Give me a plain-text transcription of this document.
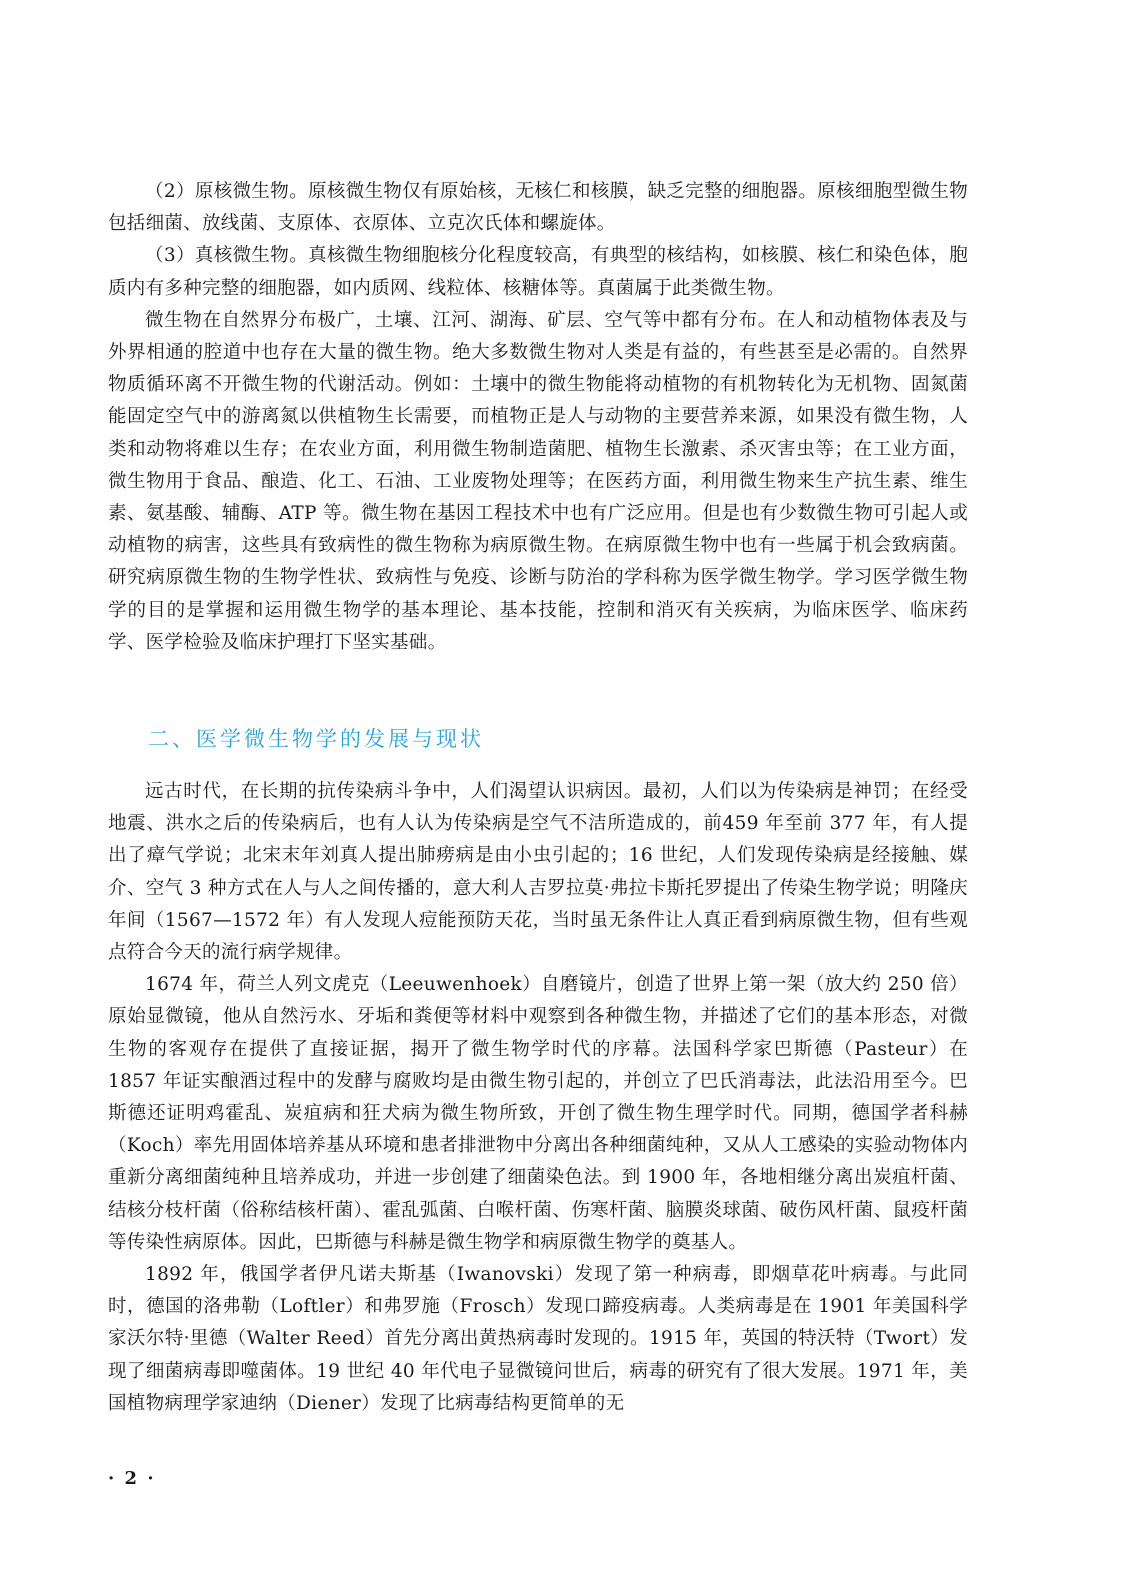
（2）原核微生物。原核微生物仅有原始核，无核仁和核膜，缺乏完整的细胞器。原核细胞型微生物包括细菌、放线菌、支原体、衣原体、立克次氏体和螺旋体。

（3）真核微生物。真核微生物细胞核分化程度较高，有典型的核结构，如核膜、核仁和染色体，胞质内有多种完整的细胞器，如内质网、线粒体、核糖体等。真菌属于此类微生物。

微生物在自然界分布极广，土壤、江河、湖海、矿层、空气等中都有分布。在人和动植物体表及与外界相通的腔道中也存在大量的微生物。绝大多数微生物对人类是有益的，有些甚至是必需的。自然界物质循环离不开微生物的代谢活动。例如：土壤中的微生物能将动植物的有机物转化为无机物、固氮菌能固定空气中的游离氮以供植物生长需要，而植物正是人与动物的主要营养来源，如果没有微生物，人类和动物将难以生存；在农业方面，利用微生物制造菌肥、植物生长激素、杀灭害虫等；在工业方面，微生物用于食品、酿造、化工、石油、工业废物处理等；在医药方面，利用微生物来生产抗生素、维生素、氨基酸、辅酶、ATP 等。微生物在基因工程技术中也有广泛应用。但是也有少数微生物可引起人或动植物的病害，这些具有致病性的微生物称为病原微生物。在病原微生物中也有一些属于机会致病菌。研究病原微生物的生物学性状、致病性与免疫、诊断与防治的学科称为医学微生物学。学习医学微生物学的目的是掌握和运用微生物学的基本理论、基本技能，控制和消灭有关疾病，为临床医学、临床药学、医学检验及临床护理打下坚实基础。

二、医学微生物学的发展与现状

远古时代，在长期的抗传染病斗争中，人们渴望认识病因。最初，人们以为传染病是神罚；在经受地震、洪水之后的传染病后，也有人认为传染病是空气不洁所造成的，前459 年至前 377 年，有人提出了瘴气学说；北宋末年刘真人提出肺痨病是由小虫引起的；16 世纪，人们发现传染病是经接触、媒介、空气 3 种方式在人与人之间传播的，意大利人吉罗拉莫·弗拉卡斯托罗提出了传染生物学说；明隆庆年间（1567—1572 年）有人发现人痘能预防天花，当时虽无条件让人真正看到病原微生物，但有些观点符合今天的流行病学规律。

1674 年，荷兰人列文虎克（Leeuwenhoek）自磨镜片，创造了世界上第一架（放大约 250 倍）原始显微镜，他从自然污水、牙垢和粪便等材料中观察到各种微生物，并描述了它们的基本形态，对微生物的客观存在提供了直接证据，揭开了微生物学时代的序幕。法国科学家巴斯德（Pasteur）在 1857 年证实酿酒过程中的发酵与腐败均是由微生物引起的，并创立了巴氏消毒法，此法沿用至今。巴斯德还证明鸡霍乱、炭疽病和狂犬病为微生物所致，开创了微生物生理学时代。同期，德国学者科赫（Koch）率先用固体培养基从环境和患者排泄物中分离出各种细菌纯种，又从人工感染的实验动物体内重新分离细菌纯种且培养成功，并进一步创建了细菌染色法。到 1900 年，各地相继分离出炭疽杆菌、结核分枝杆菌（俗称结核杆菌）、霍乱弧菌、白喉杆菌、伤寒杆菌、脑膜炎球菌、破伤风杆菌、鼠疫杆菌等传染性病原体。因此，巴斯德与科赫是微生物学和病原微生物学的奠基人。

1892 年，俄国学者伊凡诺夫斯基（Iwanovski）发现了第一种病毒，即烟草花叶病毒。与此同时，德国的洛弗勒（Loftler）和弗罗施（Frosch）发现口蹄疫病毒。人类病毒是在 1901 年美国科学家沃尔特·里德（Walter Reed）首先分离出黄热病毒时发现的。1915 年，英国的特沃特（Twort）发现了细菌病毒即噬菌体。19 世纪 40 年代电子显微镜问世后，病毒的研究有了很大发展。1971 年，美国植物病理学家迪纳（Diener）发现了比病毒结构更简单的无

· 2 ·
